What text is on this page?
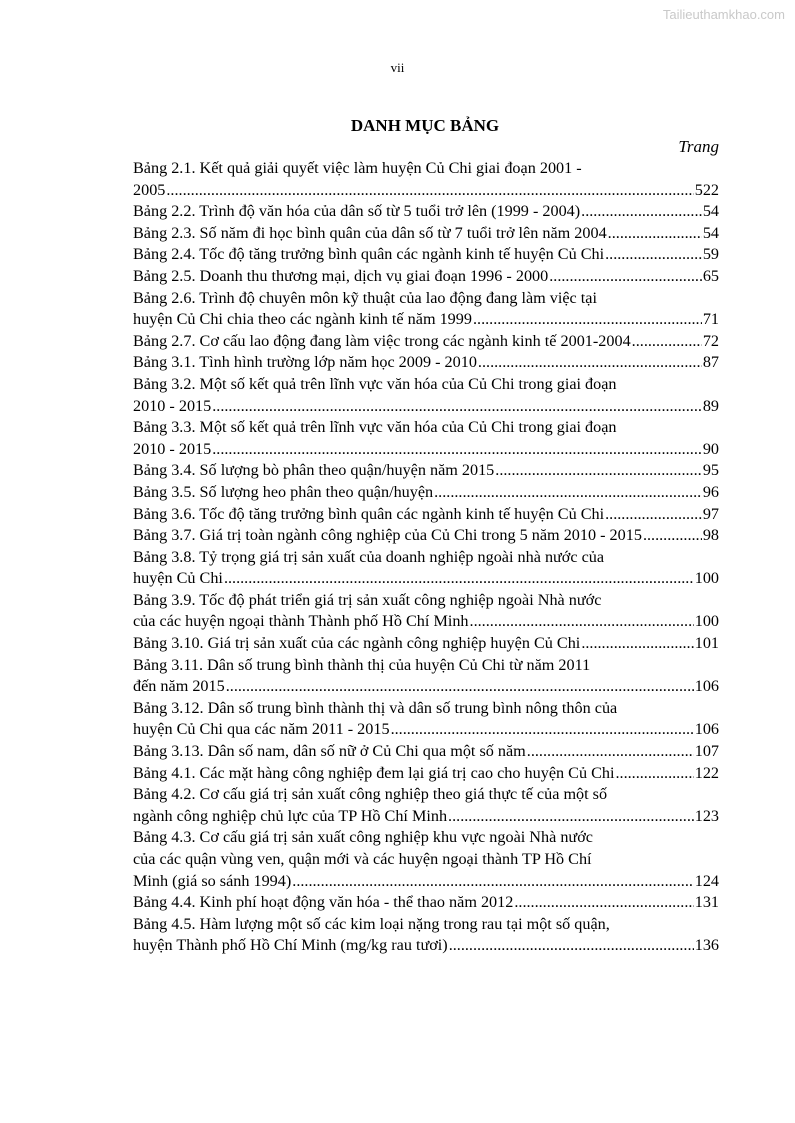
Tailieuthamkhao.com
vii
DANH MỤC BẢNG
Trang
Bảng 2.1. Kết quả giải quyết việc làm huyện Củ Chi giai đoạn 2001 -
2005 .....	522
Bảng 2.2. Trình độ văn hóa của dân số từ 5 tuổi trở lên (1999 - 2004) .....	54
Bảng 2.3. Số năm đi học bình quân của dân số từ 7 tuổi trở lên năm 2004 .....	54
Bảng 2.4. Tốc độ tăng trưởng bình quân các ngành kinh tế huyện Củ Chi .....	59
Bảng 2.5. Doanh thu thương mại, dịch vụ giai đoạn 1996 - 2000 .....	65
Bảng 2.6. Trình độ chuyên môn kỹ thuật của lao động đang làm việc tại
huyện Củ Chi chia theo các ngành kinh tế năm 1999 .....	71
Bảng 2.7. Cơ cấu lao động đang làm việc trong các ngành kinh tế 2001-2004 .....	72
Bảng 3.1. Tình hình trường lớp năm học 2009 - 2010 .....	87
Bảng 3.2. Một số kết quả trên lĩnh vực văn hóa của Củ Chi trong giai đoạn
2010 - 2015 .....	89
Bảng 3.3. Một số kết quả trên lĩnh vực văn hóa của Củ Chi trong giai đoạn
2010 - 2015 .....	90
Bảng 3.4. Số lượng bò phân theo quận/huyện năm 2015 .....	95
Bảng 3.5. Số lượng heo phân theo quận/huyện .....	96
Bảng 3.6. Tốc độ tăng trưởng bình quân các ngành kinh tế huyện Củ Chi .....	97
Bảng 3.7. Giá trị toàn ngành công nghiệp của Củ Chi trong 5 năm 2010 - 2015 .....	98
Bảng 3.8. Tỷ trọng giá trị sản xuất của doanh nghiệp ngoài nhà nước của
huyện Củ Chi .....	100
Bảng 3.9. Tốc độ phát triển giá trị sản xuất công nghiệp ngoài Nhà nước
của các huyện ngoại thành Thành phố Hồ Chí Minh .....	100
Bảng 3.10. Giá trị sản xuất của các ngành công nghiệp huyện Củ Chi .....	101
Bảng 3.11. Dân số trung bình thành thị của huyện Củ Chi từ năm 2011
đến năm 2015 .....	106
Bảng 3.12. Dân số trung bình thành thị và dân số trung bình nông thôn của
huyện Củ Chi qua các năm 2011 - 2015 .....	106
Bảng 3.13. Dân số nam, dân số nữ ở Củ Chi qua một số năm .....	107
Bảng 4.1. Các mặt hàng công nghiệp đem lại giá trị cao cho huyện Củ Chi .....	122
Bảng 4.2. Cơ cấu giá trị sản xuất công nghiệp theo giá thực tế của một số
ngành công nghiệp chủ lực của TP Hồ Chí Minh .....	123
Bảng 4.3. Cơ cấu giá trị sản xuất công nghiệp khu vực ngoài Nhà nước
của các quận vùng ven, quận mới và các huyện ngoại thành TP Hồ Chí
Minh (giá so sánh 1994) .....	124
Bảng 4.4. Kinh phí hoạt động văn hóa - thể thao năm 2012 .....	131
Bảng 4.5. Hàm lượng một số các kim loại nặng trong rau tại một số quận,
huyện Thành phố Hồ Chí Minh (mg/kg rau tươi) .....	136
